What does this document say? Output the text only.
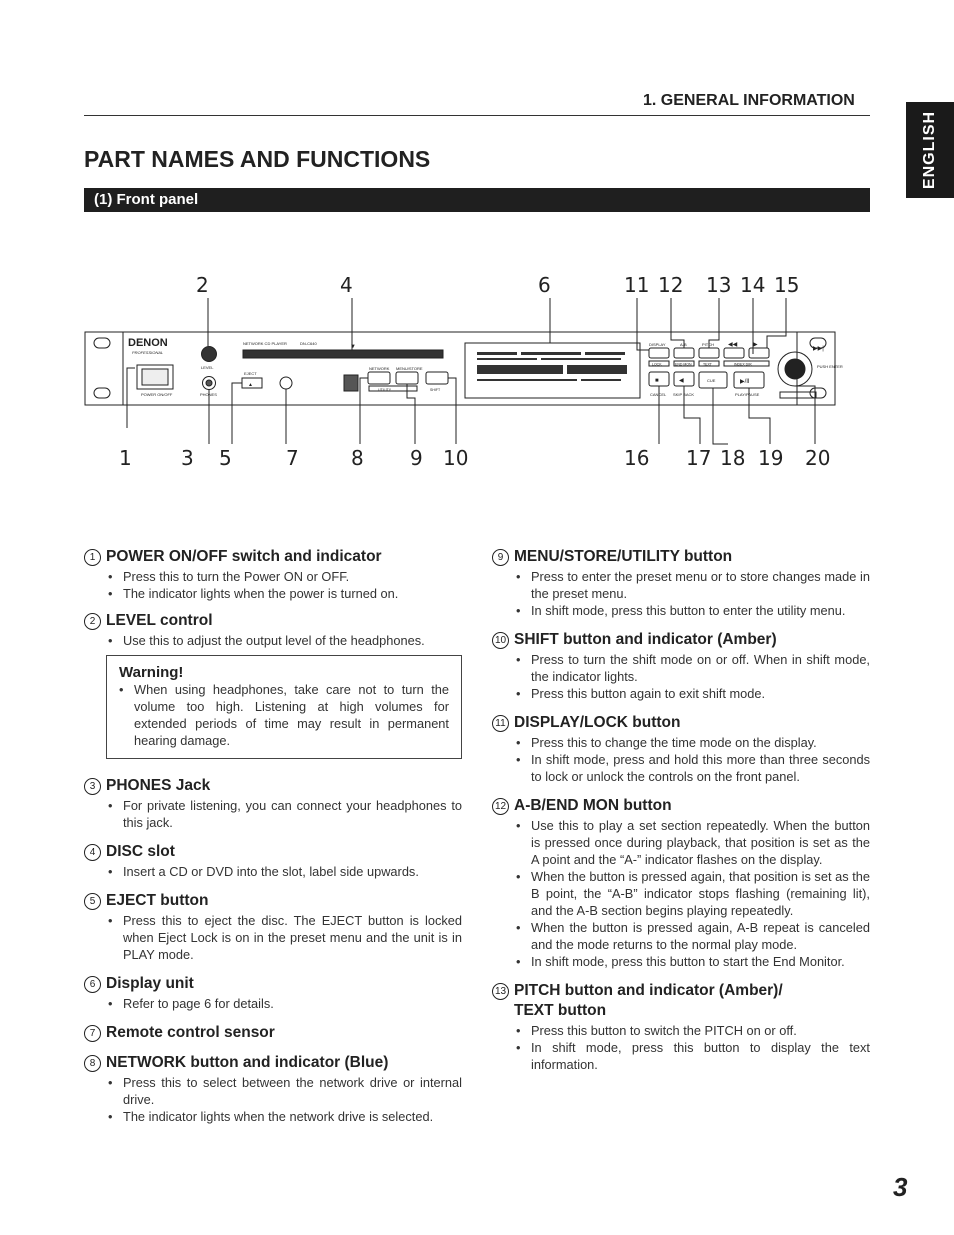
1. GENERAL INFORMATION
ENGLISH
PART NAMES AND FUNCTIONS
(1) Front panel
DENON
PROFESSIONAL
POWER ON/OFF
LEVEL
PHONES
EJECT
NETWORK CD PLAYER	DN-C640
NETWORK MENU/STORE
UTILITY	SHIFT
DISPLAY	A-B	PITCH
LOCK	END MON	TEXT	INDEX DIR
CUE
CANCEL SKIP BACK	PLAY/PAUSE
PUSH ENTER
■	◀	▶/Ⅱ
◀◀	▶
▶▶|
▼
▲
2	4	6	11 12 13 14 15
1 3 5	7	8 9 10	16 17 18 19 20
1 POWER ON/OFF switch and indicator

• Press this to turn the Power ON or OFF.

• The indicator lights when the power is turned on.

2 LEVEL control

• Use this to adjust the output level of the headphones.

Warning!

• When using headphones, take care not to turn the volume too high. Listening at high volumes for extended periods of time may result in permanent hearing damage.

3 PHONES Jack

• For private listening, you can connect your headphones to this jack.

4 DISC slot

• Insert a CD or DVD into the slot, label side upwards.

5 EJECT button

• Press this to eject the disc. The EJECT button is locked when Eject Lock is on in the preset menu and the unit is in PLAY mode.

6 Display unit

• Refer to page 6 for details.

7 Remote control sensor
8 NETWORK button and indicator (Blue)

• Press this to select between the network drive or internal drive.

• The indicator lights when the network drive is selected.

9 MENU/STORE/UTILITY button

• Press to enter the preset menu or to store changes made in the preset menu.

• In shift mode, press this button to enter the utility menu.

10 SHIFT button and indicator (Amber)

• Press to turn the shift mode on or off. When in shift mode, the indicator lights.

• Press this button again to exit shift mode.

11 DISPLAY/LOCK button

• Press this to change the time mode on the display.

• In shift mode, press and hold this more than three seconds to lock or unlock the controls on the front panel.

12 A-B/END MON button

• Use this to play a set section repeatedly. When the button is pressed once during playback, that position is set as the A point and the “A-” indicator flashes on the display.

• When the button is pressed again, that position is set as the B point, the “A-B” indicator stops flashing (remaining lit), and the A-B section begins playing repeatedly.

• When the button is pressed again, A-B repeat is canceled and the mode returns to the normal play mode.

• In shift mode, press this button to start the End Monitor.

13 PITCH button and indicator (Amber)/
TEXT button

• Press this button to switch the PITCH on or off.

• In shift mode, press this button to display the text information.

3
